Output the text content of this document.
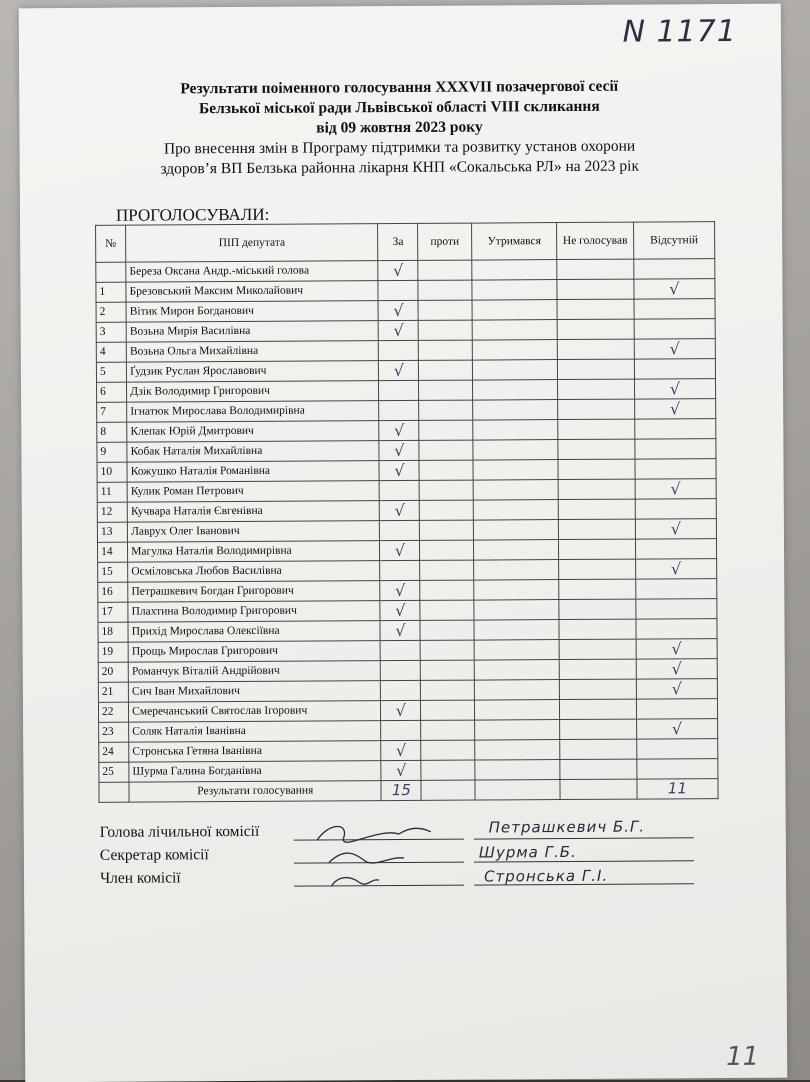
N 1171
Результати поіменного голосування XXXVII позачергової сесії
Белзької міської ради Львівської області VIII скликання
від 09 жовтня 2023 року
Про внесення змін в Програму підтримки та розвитку установ охорони
здоров’я ВП Белзька районна лікарня КНП «Сокальська РЛ» на 2023 рік
ПРОГОЛОСУВАЛИ:
№	ПІП депутата	За	проти	Утримався	Не голосував	Відсутній
	Береза Оксана Андр.-міський голова	√				
1	Брезовський Максим Миколайович					√
2	Вітик Мирон Богданович	√				
3	Возьна Мирія Василівна	√				
4	Возьна Ольга Михайлівна					√
5	Ґудзик Руслан Ярославович	√				
6	Дзік Володимир Григорович					√
7	Ігнатюк Мирослава Володимирівна					√
8	Клепак Юрій Дмитрович	√				
9	Кобак Наталія Михайлівна	√				
10	Кожушко Наталія Романівна	√				
11	Кулик Роман Петрович					√
12	Кучвара Наталія Євгенівна	√				
13	Лаврух Олег Іванович					√
14	Магулка Наталія Володимирівна	√				
15	Осміловська Любов Василівна					√
16	Петрашкевич Богдан Григорович	√				
17	Плахтина Володимир Григорович	√				
18	Прихід Мирослава Олексіївна	√				
19	Прощь Мирослав Григорович					√
20	Романчук Віталій Андрійович					√
21	Сич Іван Михайлович					√
22	Смеречанський Святослав Ігорович	√				
23	Соляк Наталія Іванівна					√
24	Стронська Гетяна Іванівна	√				
25	Шурма Галина Богданівна	√				
	Результати голосування	15				11
Голова лічильної комісії
Секретар комісії
Член комісії
Петрашкевич Б.Г.
Шурма Г.Б.
Стронська Г.І.
11
